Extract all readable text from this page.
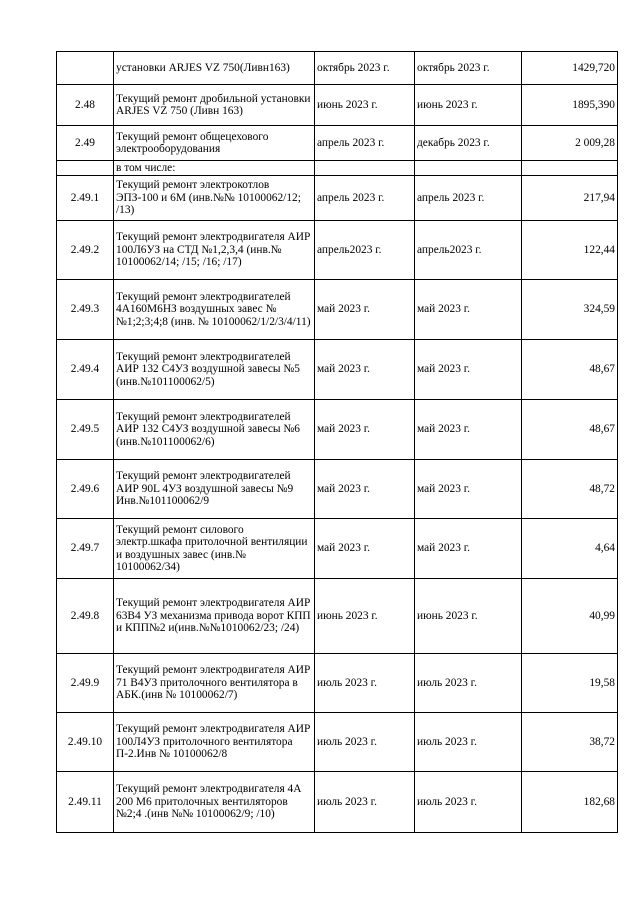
	установки ARJES VZ 750(Ливн163)	октябрь 2023 г.	октябрь 2023 г.	1429,720
2.48	Текущий ремонт дробильной установки ARJES VZ 750 (Ливн 163)	июнь 2023 г.	июнь 2023 г.	1895,390
2.49	Текущий ремонт общецехового электрооборудования	апрель 2023 г.	декабрь 2023 г.	2 009,28
	в том числе:			
2.49.1	Текущий ремонт электрокотлов ЭПЗ-100 и 6М (инв.№№ 10100062/12; /13)	апрель 2023 г.	апрель 2023 г.	217,94
2.49.2	Текущий ремонт электродвигателя АИР 100Л6УЗ на СТД №1,2,3,4 (инв.№ 10100062/14; /15; /16; /17)	апрель2023 г.	апрель2023 г.	122,44
2.49.3	Текущий ремонт электродвигателей 4А160М6НЗ воздушных завес №№1;2;3;4;8 (инв. № 10100062/1/2/3/4/11)	май 2023 г.	май 2023 г.	324,59
2.49.4	Текущий ремонт электродвигателей АИР 132 С4УЗ воздушной завесы №5 (инв.№101100062/5)	май 2023 г.	май 2023 г.	48,67
2.49.5	Текущий ремонт электродвигателей АИР 132 С4УЗ воздушной завесы №6 (инв.№101100062/6)	май 2023 г.	май 2023 г.	48,67
2.49.6	Текущий ремонт электродвигателей АИР 90L 4УЗ воздушной завесы №9 Инв.№101100062/9	май 2023 г.	май 2023 г.	48,72
2.49.7	Текущий ремонт силового электр.шкафа притолочной вентиляции и воздушных завес (инв.№ 10100062/34)	май 2023 г.	май 2023 г.	4,64
2.49.8	Текущий ремонт электродвигателя АИР 63В4 УЗ механизма привода ворот КПП и КПП№2 и(инв.№№1010062/23; /24)	июнь 2023 г.	июнь 2023 г.	40,99
2.49.9	Текущий ремонт электродвигателя АИР 71 В4УЗ притолочного вентилятора в АБК.(инв № 10100062/7)	июль 2023 г.	июль 2023 г.	19,58
2.49.10	Текущий ремонт электродвигателя АИР 100Л4УЗ притолочного вентилятора П-2.Инв № 10100062/8	июль 2023 г.	июль 2023 г.	38,72
2.49.11	Текущий ремонт электродвигателя 4А 200 М6 притолочных вентиляторов №2;4 .(инв №№ 10100062/9; /10)	июль 2023 г.	июль 2023 г.	182,68
